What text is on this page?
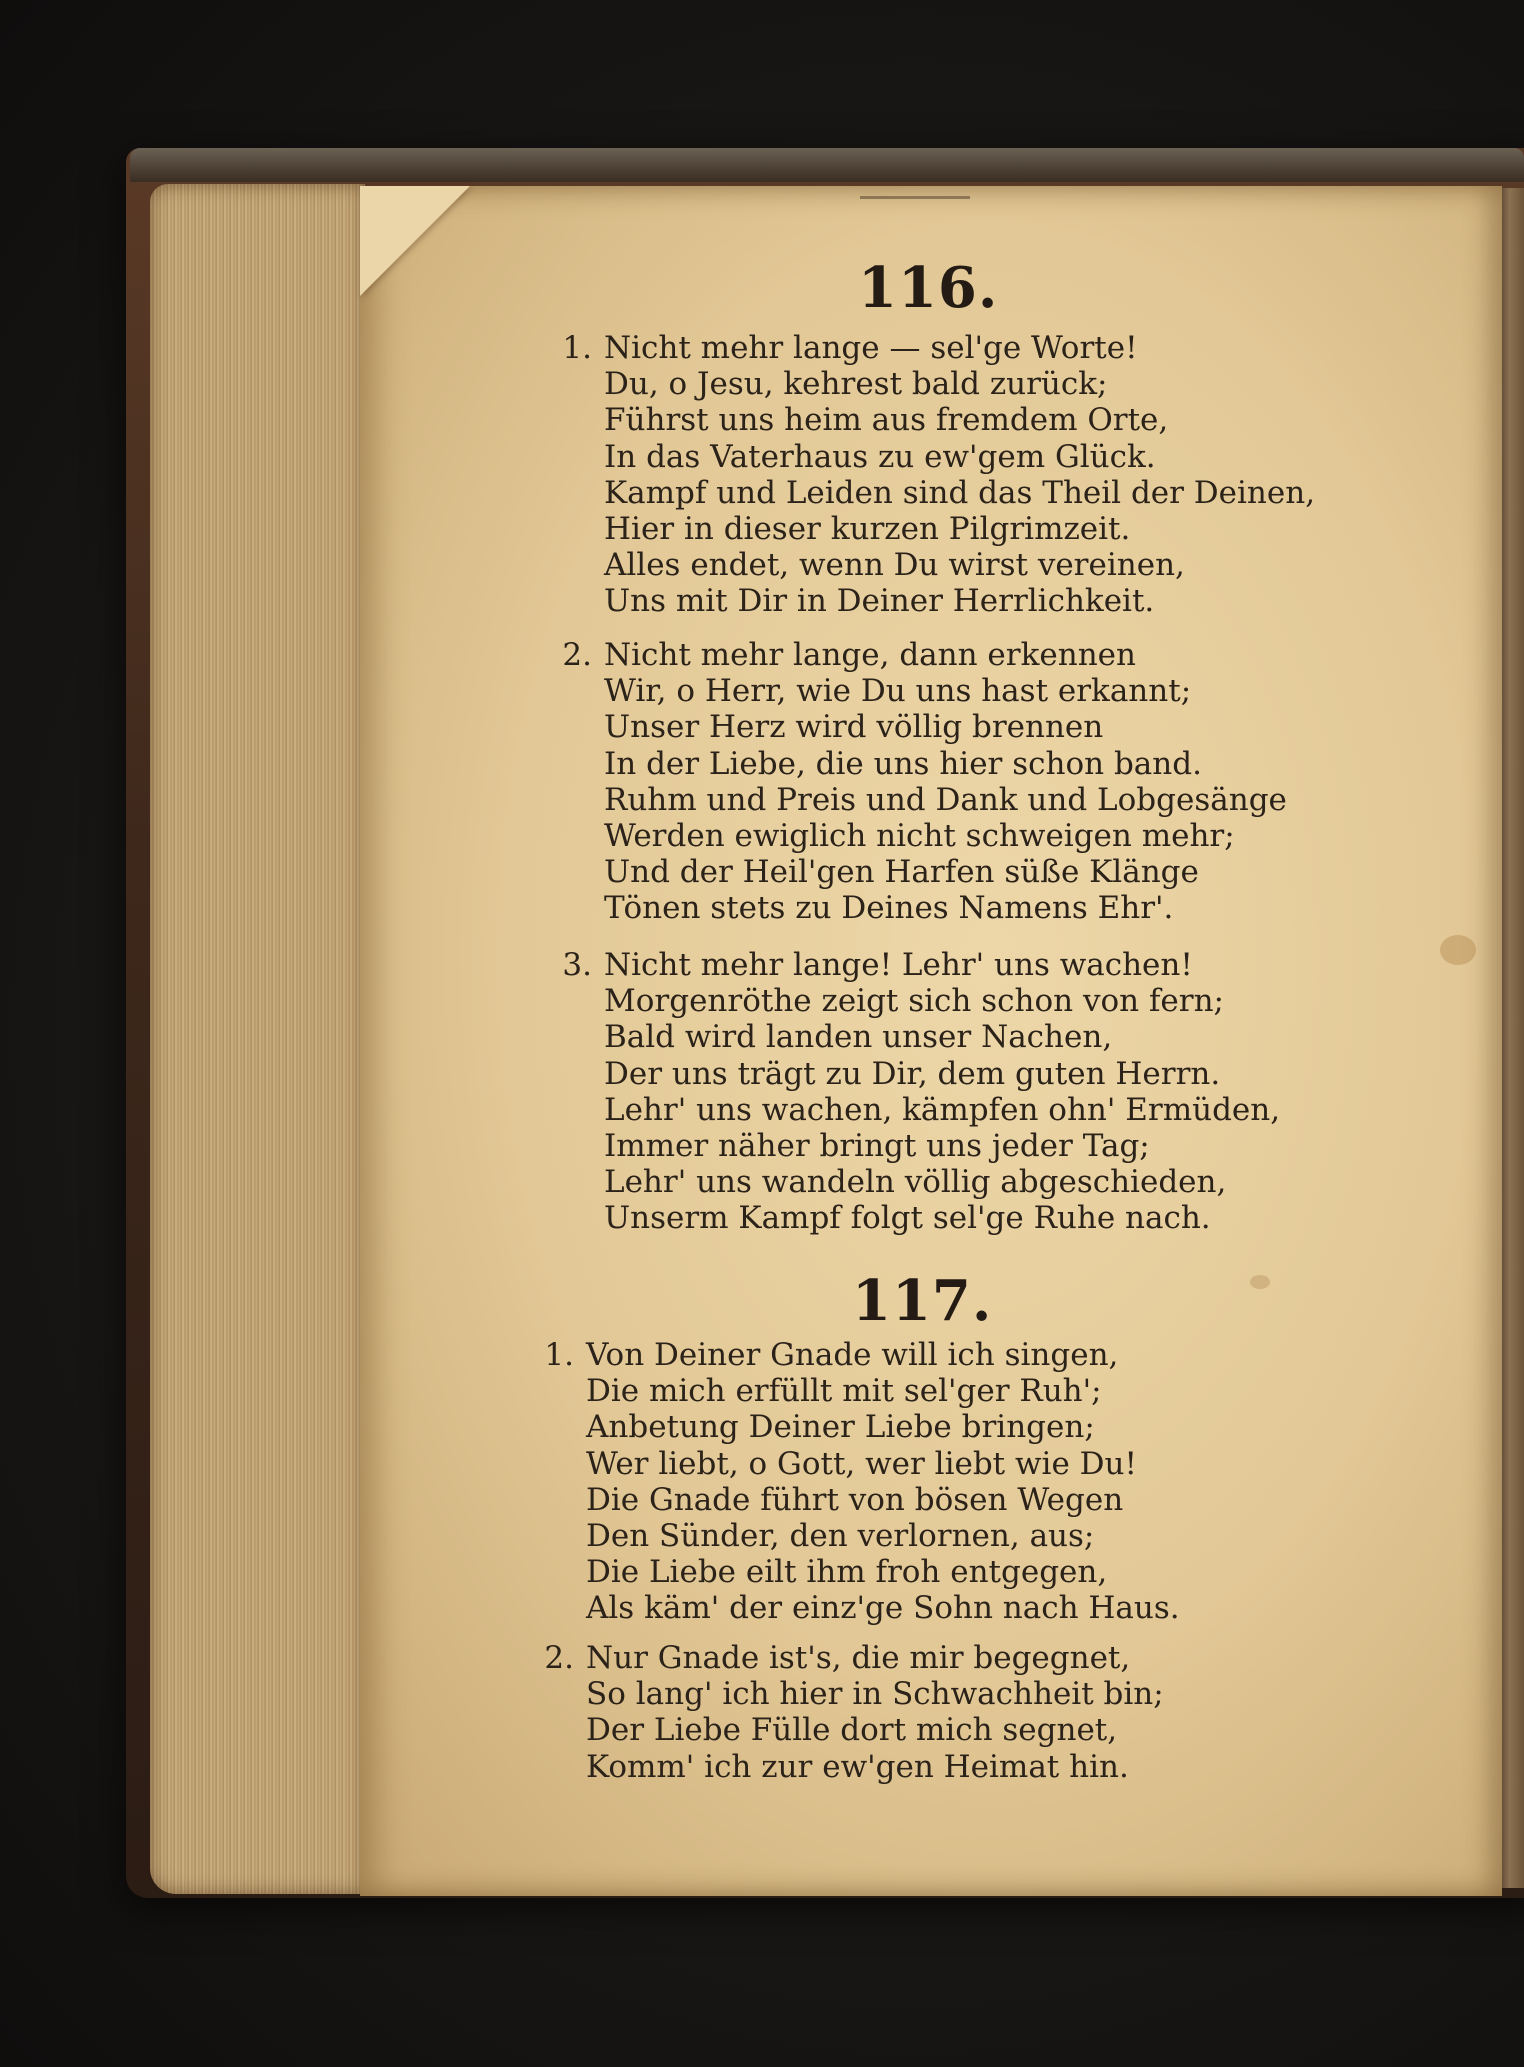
116.
1. Nicht mehr lange — sel'ge Worte!
Du, o Jesu, kehrest bald zurück;
Führst uns heim aus fremdem Orte,
In das Vaterhaus zu ew'gem Glück.
Kampf und Leiden sind das Theil der Deinen,
Hier in dieser kurzen Pilgrimzeit.
Alles endet, wenn Du wirst vereinen,
Uns mit Dir in Deiner Herrlichkeit.
2. Nicht mehr lange, dann erkennen
Wir, o Herr, wie Du uns hast erkannt;
Unser Herz wird völlig brennen
In der Liebe, die uns hier schon band.
Ruhm und Preis und Dank und Lobgesänge
Werden ewiglich nicht schweigen mehr;
Und der Heil'gen Harfen süße Klänge
Tönen stets zu Deines Namens Ehr'.
3. Nicht mehr lange! Lehr' uns wachen!
Morgenröthe zeigt sich schon von fern;
Bald wird landen unser Nachen,
Der uns trägt zu Dir, dem guten Herrn.
Lehr' uns wachen, kämpfen ohn' Ermüden,
Immer näher bringt uns jeder Tag;
Lehr' uns wandeln völlig abgeschieden,
Unserm Kampf folgt sel'ge Ruhe nach.
117.
1. Von Deiner Gnade will ich singen,
Die mich erfüllt mit sel'ger Ruh';
Anbetung Deiner Liebe bringen;
Wer liebt, o Gott, wer liebt wie Du!
Die Gnade führt von bösen Wegen
Den Sünder, den verlornen, aus;
Die Liebe eilt ihm froh entgegen,
Als käm' der einz'ge Sohn nach Haus.
2. Nur Gnade ist's, die mir begegnet,
So lang' ich hier in Schwachheit bin;
Der Liebe Fülle dort mich segnet,
Komm' ich zur ew'gen Heimat hin.
